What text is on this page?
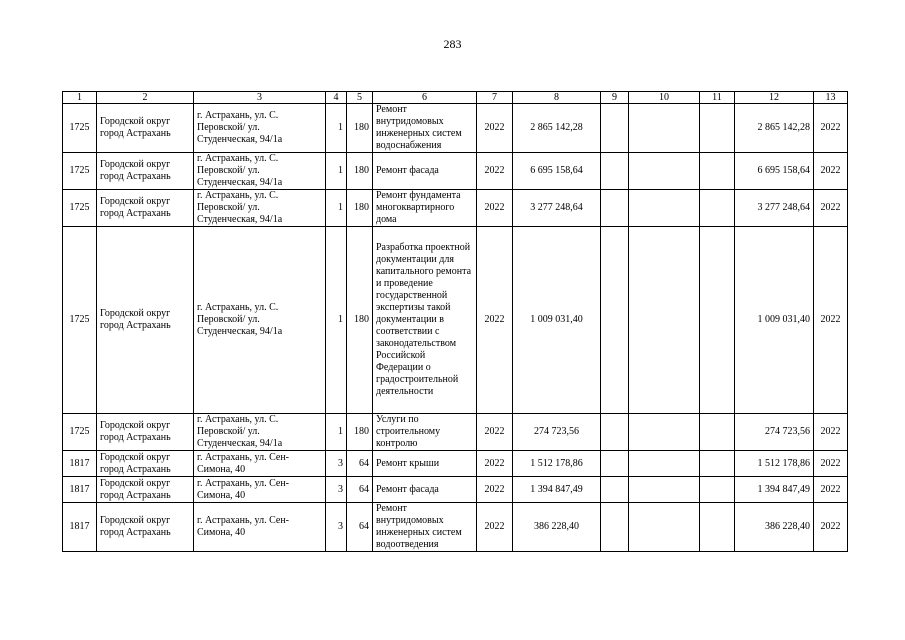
283
1	2	3	4	5	6	7	8	9	10	11	12	13
1725	Городской округ город Астрахань	г. Астрахань, ул. С. Перовской/ ул. Студенческая, 94/1а	1	180	Ремонт внутридомовых инженерных систем водоснабжения	2022	2 865 142,28				2 865 142,28	2022
1725	Городской округ город Астрахань	г. Астрахань, ул. С. Перовской/ ул. Студенческая, 94/1а	1	180	Ремонт фасада	2022	6 695 158,64				6 695 158,64	2022
1725	Городской округ город Астрахань	г. Астрахань, ул. С. Перовской/ ул. Студенческая, 94/1а	1	180	Ремонт фундамента многоквартирного дома	2022	3 277 248,64				3 277 248,64	2022
1725	Городской округ город Астрахань	г. Астрахань, ул. С. Перовской/ ул. Студенческая, 94/1а	1	180	Разработка проектной документации для капитального ремонта и проведение государственной экспертизы такой документации в соответствии с законодательством Российской Федерации о градостроительной деятельности	2022	1 009 031,40				1 009 031,40	2022
1725	Городской округ город Астрахань	г. Астрахань, ул. С. Перовской/ ул. Студенческая, 94/1а	1	180	Услуги по строительному контролю	2022	274 723,56				274 723,56	2022
1817	Городской округ город Астрахань	г. Астрахань, ул. Сен-Симона, 40	3	64	Ремонт крыши	2022	1 512 178,86				1 512 178,86	2022
1817	Городской округ город Астрахань	г. Астрахань, ул. Сен-Симона, 40	3	64	Ремонт фасада	2022	1 394 847,49				1 394 847,49	2022
1817	Городской округ город Астрахань	г. Астрахань, ул. Сен-Симона, 40	3	64	Ремонт внутридомовых инженерных систем водоотведения	2022	386 228,40				386 228,40	2022
